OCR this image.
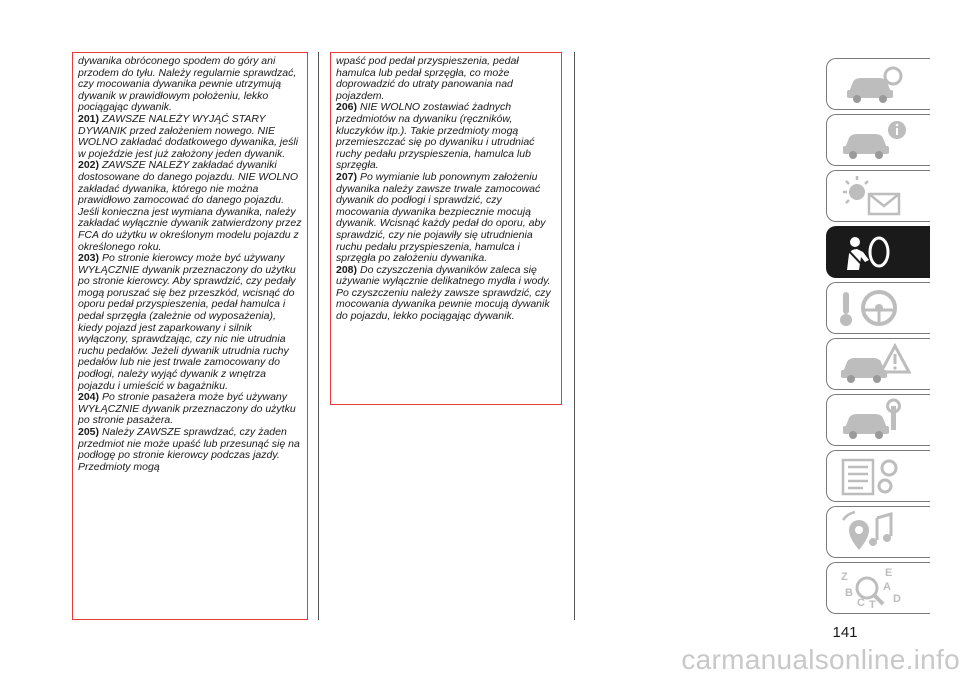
dywanika obróconego spodem do góry ani przodem do tyłu. Należy regularnie sprawdzać, czy mocowania dywanika pewnie utrzymują dywanik w prawidłowym położeniu, lekko pociągając dywanik.

201) ZAWSZE NALEŻY WYJĄĆ STARY DYWANIK przed założeniem nowego. NIE WOLNO zakładać dodatkowego dywanika, jeśli w pojeździe jest już założony jeden dywanik.

202) ZAWSZE NALEŻY zakładać dywaniki dostosowane do danego pojazdu. NIE WOLNO zakładać dywanika, którego nie można prawidłowo zamocować do danego pojazdu. Jeśli konieczna jest wymiana dywanika, należy zakładać wyłącznie dywanik zatwierdzony przez FCA do użytku w określonym modelu pojazdu z określonego roku.

203) Po stronie kierowcy może być używany WYŁĄCZNIE dywanik przeznaczony do użytku po stronie kierowcy. Aby sprawdzić, czy pedały mogą poruszać się bez przeszkód, wcisnąć do oporu pedał przyspieszenia, pedał hamulca i pedał sprzęgła (zależnie od wyposażenia), kiedy pojazd jest zaparkowany i silnik wyłączony, sprawdzając, czy nic nie utrudnia ruchu pedałów. Jeżeli dywanik utrudnia ruchy pedałów lub nie jest trwale zamocowany do podłogi, należy wyjąć dywanik z wnętrza pojazdu i umieścić w bagażniku.

204) Po stronie pasażera może być używany WYŁĄCZNIE dywanik przeznaczony do użytku po stronie pasażera.

205) Należy ZAWSZE sprawdzać, czy żaden przedmiot nie może upaść lub przesunąć się na podłogę po stronie kierowcy podczas jazdy. Przedmioty mogą

wpaść pod pedał przyspieszenia, pedał hamulca lub pedał sprzęgła, co może doprowadzić do utraty panowania nad pojazdem.

206) NIE WOLNO zostawiać żadnych przedmiotów na dywaniku (ręczników, kluczyków itp.). Takie przedmioty mogą przemieszczać się po dywaniku i utrudniać ruchy pedału przyspieszenia, hamulca lub sprzęgła.

207) Po wymianie lub ponownym założeniu dywanika należy zawsze trwale zamocować dywanik do podłogi i sprawdzić, czy mocowania dywanika bezpiecznie mocują dywanik. Wcisnąć każdy pedał do oporu, aby sprawdzić, czy nie pojawiły się utrudnienia ruchu pedału przyspieszenia, hamulca i sprzęgła po założeniu dywanika.

208) Do czyszczenia dywaników zaleca się używanie wyłącznie delikatnego mydła i wody. Po czyszczeniu należy zawsze sprawdzić, czy mocowania dywanika pewnie mocują dywanik do pojazdu, lekko pociągając dywanik.

Z	E
A
B
C	D
T
141
carmanualsonline.info
